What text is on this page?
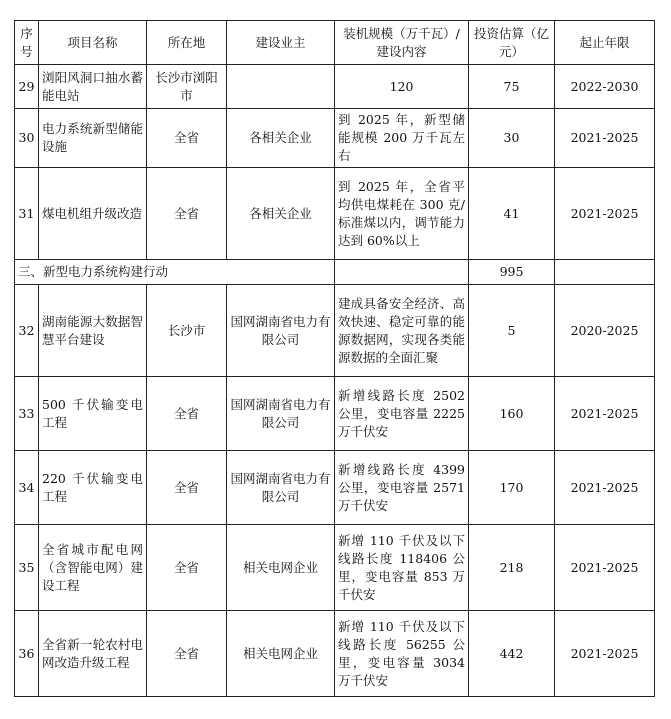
序号	项目名称	所在地	建设业主	装机规模（万千瓦）/建设内容	投资估算（亿元）	起止年限
29	浏阳风洞口抽水蓄能电站	长沙市浏阳市		120	75	2022-2030
30	电力系统新型储能设施	全省	各相关企业	到 2025 年，新型储能规模 200 万千瓦左右	30	2021-2025
31	煤电机组升级改造	全省	各相关企业	到 2025 年，全省平均供电煤耗在 300 克/标准煤以内，调节能力达到 60%以上	41	2021-2025
三、新型电力系统构建行动					995	
32	湖南能源大数据智慧平台建设	长沙市	国网湖南省电力有限公司	建成具备安全经济、高效快速、稳定可靠的能源数据网，实现各类能源数据的全面汇聚	5	2020-2025
33	500 千伏输变电工程	全省	国网湖南省电力有限公司	新增线路长度 2502 公里，变电容量 2225 万千伏安	160	2021-2025
34	220 千伏输变电工程	全省	国网湖南省电力有限公司	新增线路长度 4399 公里，变电容量 2571 万千伏安	170	2021-2025
35	全省城市配电网（含智能电网）建设工程	全省	相关电网企业	新增 110 千伏及以下线路长度 118406 公里，变电容量 853 万千伏安	218	2021-2025
36	全省新一轮农村电网改造升级工程	全省	相关电网企业	新增 110 千伏及以下线路长度 56255 公里，变电容量 3034 万千伏安	442	2021-2025
